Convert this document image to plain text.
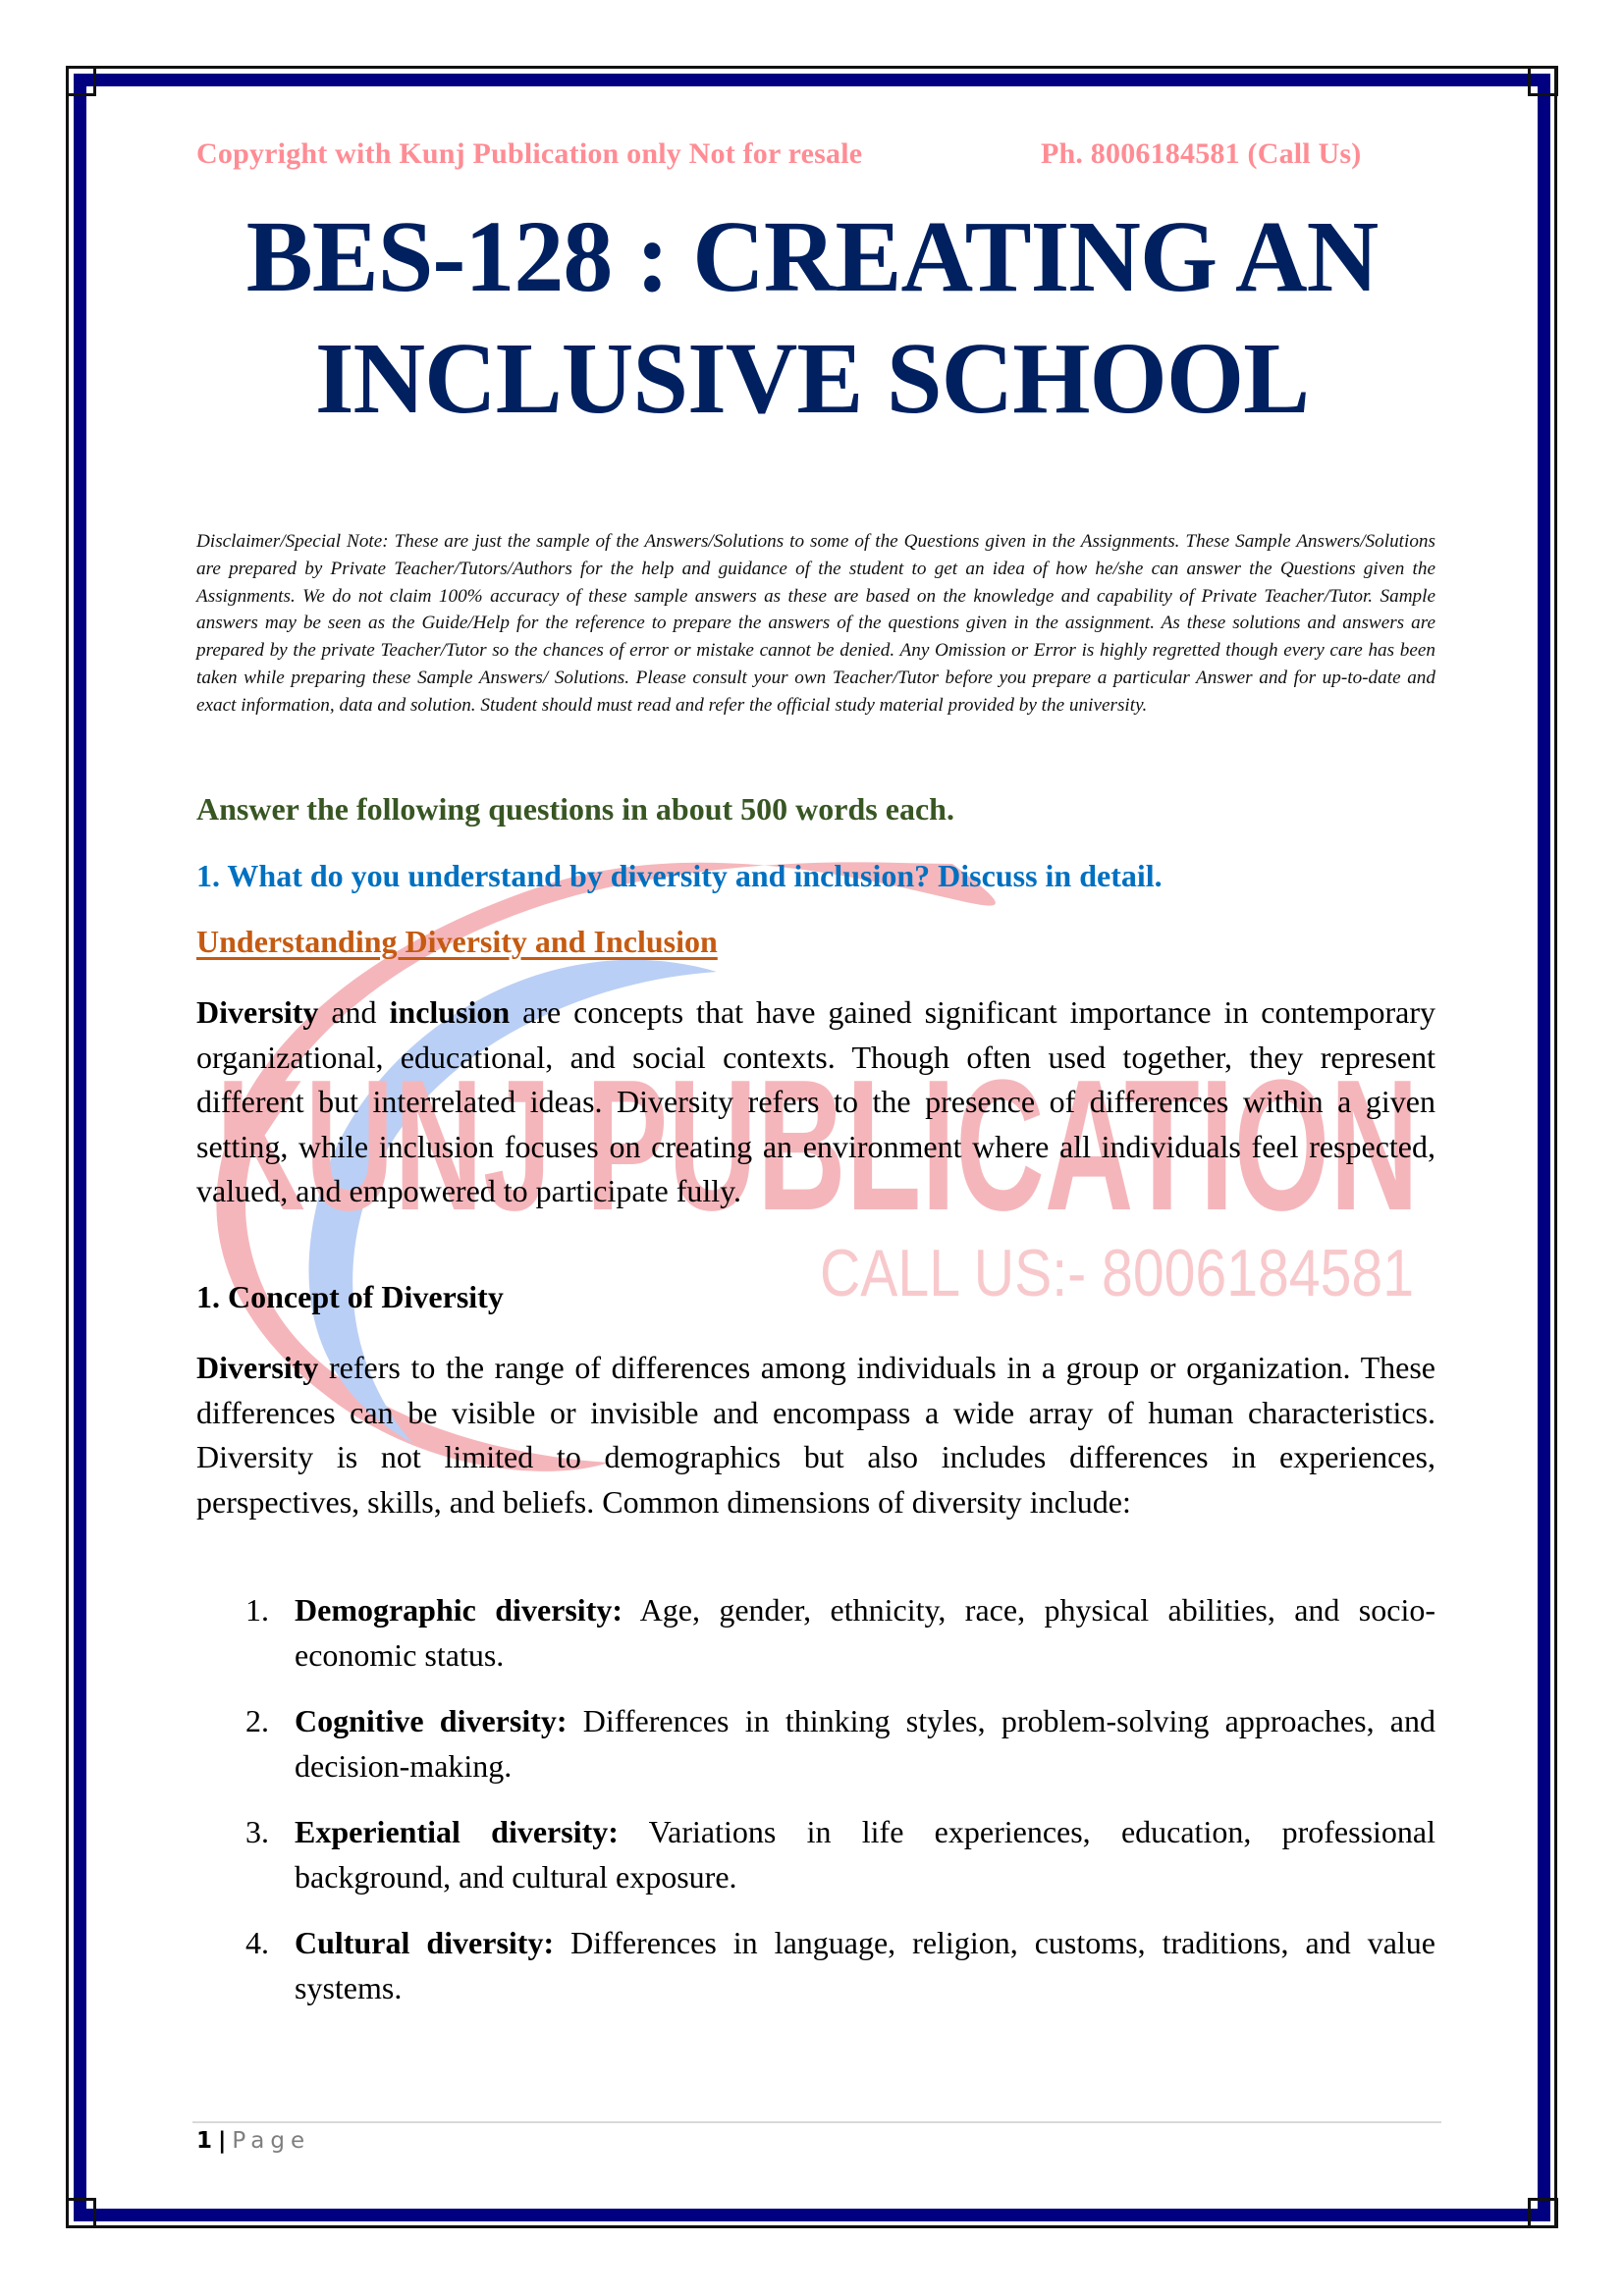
KUNJ PUBLICATION
CALL US:- 8006184581
Copyright with Kunj Publication only Not for resale	Ph. 8006184581 (Call Us)
BES-128 : CREATING AN
INCLUSIVE SCHOOL
Disclaimer/Special Note: These are just the sample of the Answers/Solutions to some of the Questions given in the Assignments. These Sample Answers/Solutions are prepared by Private Teacher/Tutors/Authors for the help and guidance of the student to get an idea of how he/she can answer the Questions given the Assignments. We do not claim 100% accuracy of these sample answers as these are based on the knowledge and capability of Private Teacher/Tutor. Sample answers may be seen as the Guide/Help for the reference to prepare the answers of the questions given in the assignment. As these solutions and answers are prepared by the private Teacher/Tutor so the chances of error or mistake cannot be denied. Any Omission or Error is highly regretted though every care has been taken while preparing these Sample Answers/ Solutions. Please consult your own Teacher/Tutor before you prepare a particular Answer and for up-to-date and exact information, data and solution. Student should must read and refer the official study material provided by the university.
Answer the following questions in about 500 words each.
1. What do you understand by diversity and inclusion? Discuss in detail.
Understanding Diversity and Inclusion
Diversity and inclusion are concepts that have gained significant importance in contemporary organizational, educational, and social contexts. Though often used together, they represent different but interrelated ideas. Diversity refers to the presence of differences within a given setting, while inclusion focuses on creating an environment where all individuals feel respected, valued, and empowered to participate fully.
1. Concept of Diversity
Diversity refers to the range of differences among individuals in a group or organization. These differences can be visible or invisible and encompass a wide array of human characteristics. Diversity is not limited to demographics but also includes differences in experiences, perspectives, skills, and beliefs. Common dimensions of diversity include:
1. Demographic diversity: Age, gender, ethnicity, race, physical abilities, and socio-economic status.
2. Cognitive diversity: Differences in thinking styles, problem-solving approaches, and decision-making.
3. Experiential diversity: Variations in life experiences, education, professional background, and cultural exposure.
4. Cultural diversity: Differences in language, religion, customs, traditions, and value systems.
1 | Page
